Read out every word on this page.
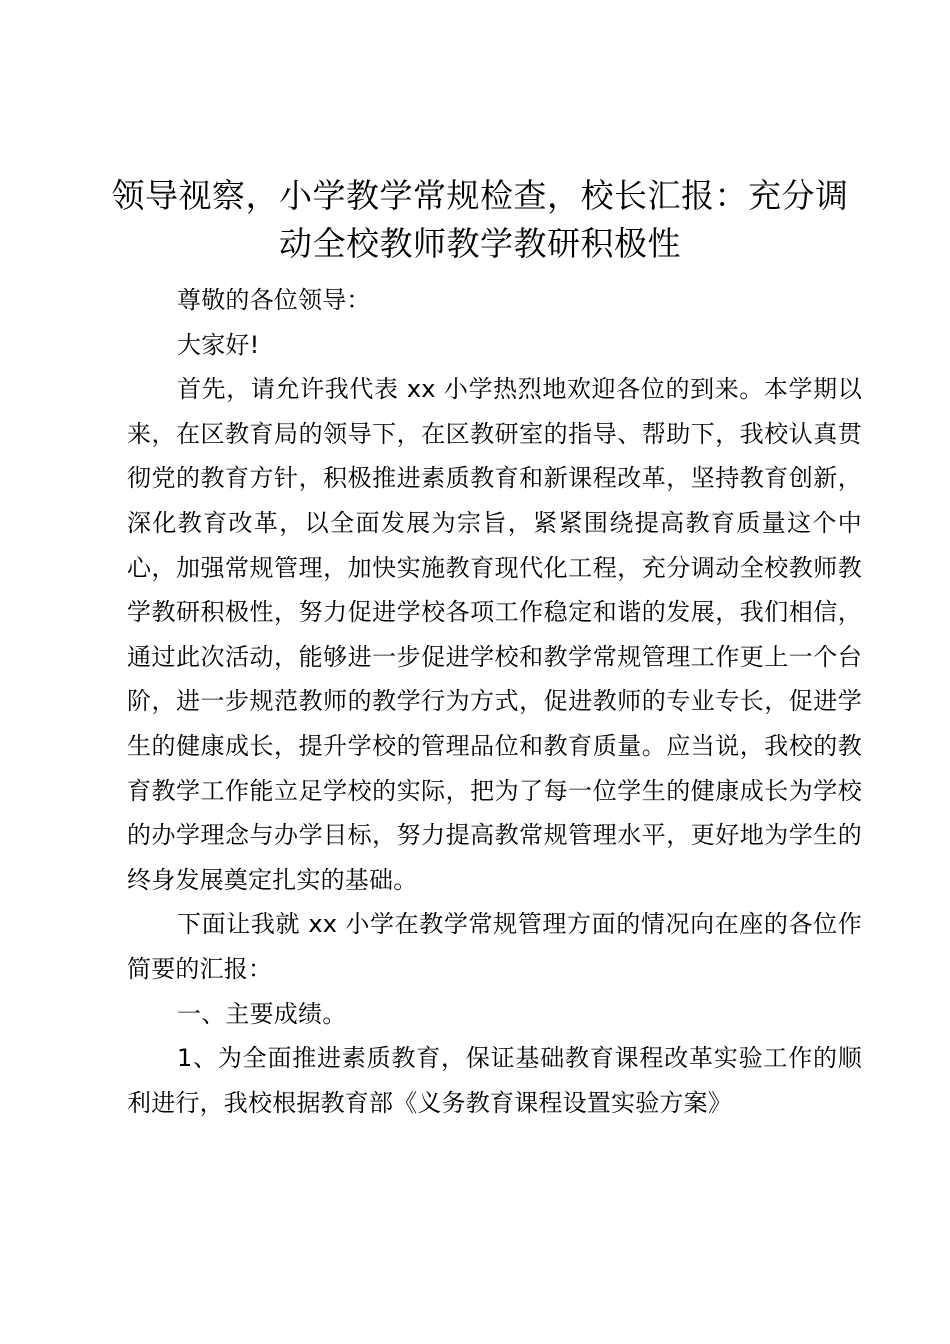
领导视察，小学教学常规检查，校长汇报：充分调动全校教师教学教研积极性

尊敬的各位领导：

大家好!

首先，请允许我代表 xx 小学热烈地欢迎各位的到来。本学期以来，在区教育局的领导下，在区教研室的指导、帮助下，我校认真贯彻党的教育方针，积极推进素质教育和新课程改革，坚持教育创新，深化教育改革，以全面发展为宗旨，紧紧围绕提高教育质量这个中心，加强常规管理，加快实施教育现代化工程，充分调动全校教师教学教研积极性，努力促进学校各项工作稳定和谐的发展，我们相信，通过此次活动，能够进一步促进学校和教学常规管理工作更上一个台阶，进一步规范教师的教学行为方式，促进教师的专业专长，促进学生的健康成长，提升学校的管理品位和教育质量。应当说，我校的教育教学工作能立足学校的实际，把为了每一位学生的健康成长为学校的办学理念与办学目标，努力提高教常规管理水平，更好地为学生的终身发展奠定扎实的基础。

下面让我就 xx 小学在教学常规管理方面的情况向在座的各位作简要的汇报：

一、主要成绩。

1、为全面推进素质教育，保证基础教育课程改革实验工作的顺利进行，我校根据教育部《义务教育课程设置实验方案》
